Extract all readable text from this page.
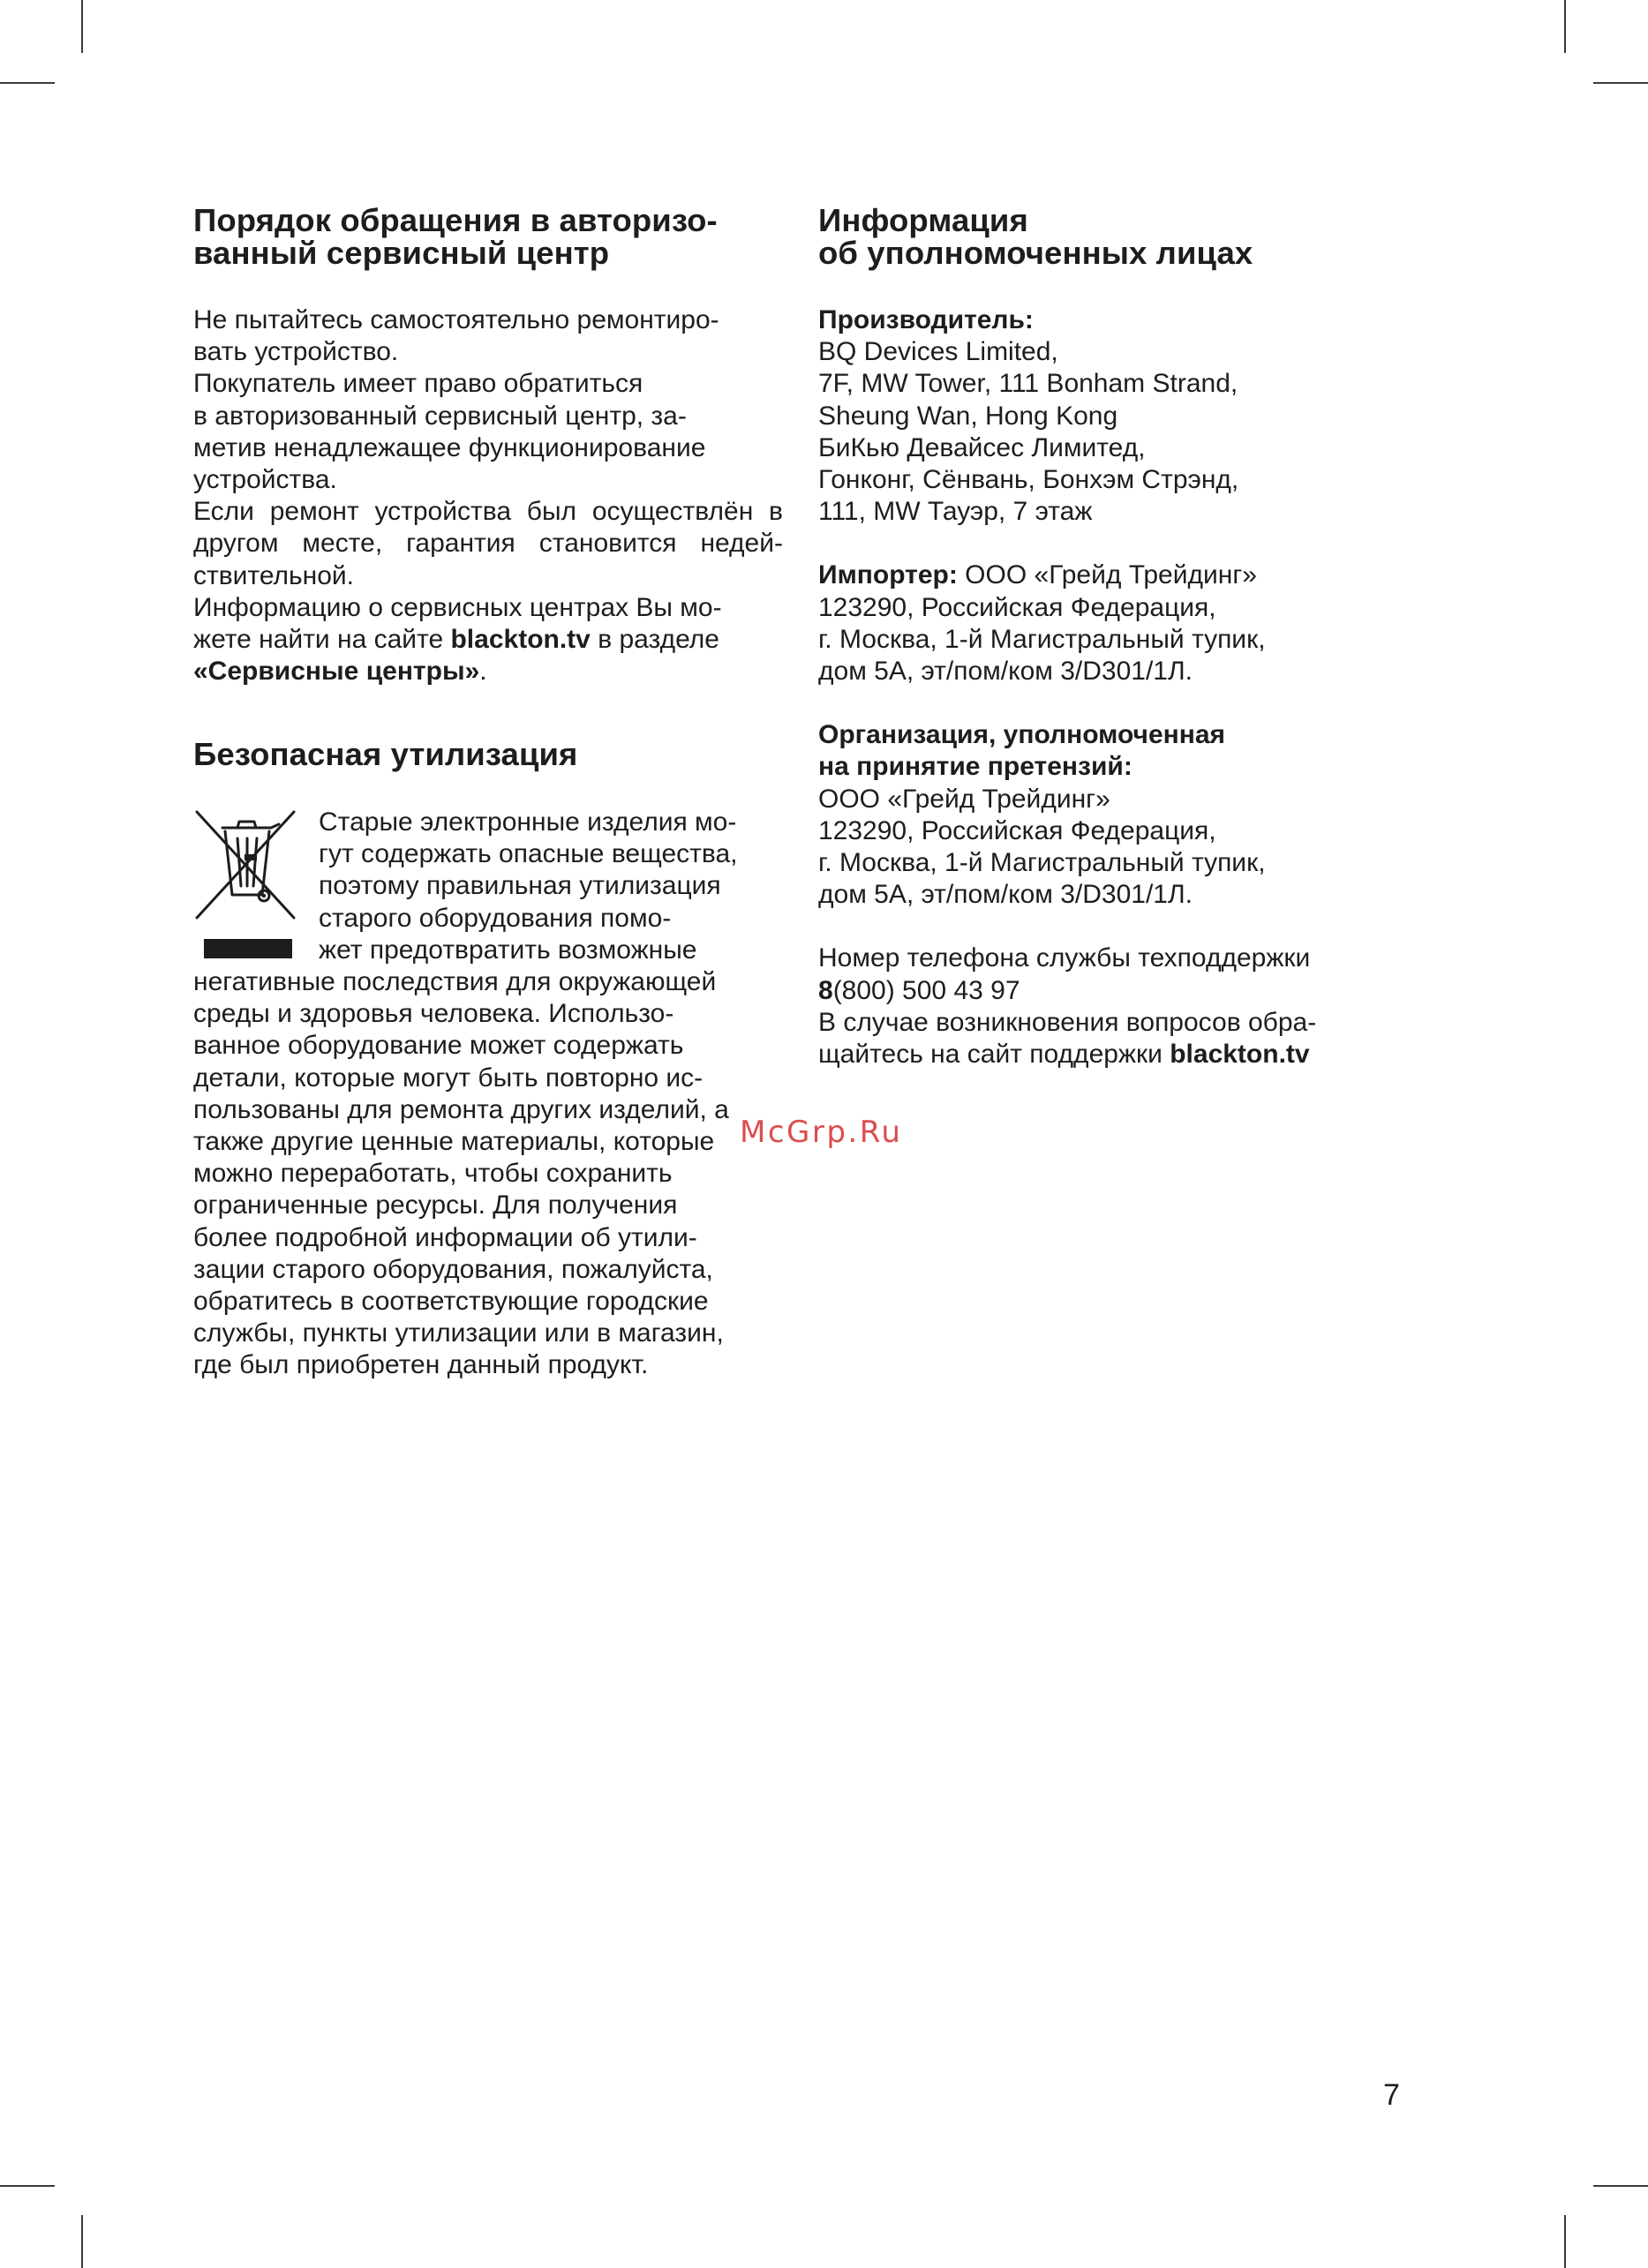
Порядок обращения в авторизо-
ванный сервисный центр
Не пытайтесь самостоятельно ремонтиро-
вать устройство.
Покупатель имеет право обратиться
в авторизованный сервисный центр, за-
метив ненадлежащее функционирование
устройства.
Если ремонт устройства был осуществлён в
другом месте, гарантия становится недей-
ствительной.
Информацию о сервисных центрах Вы мо-
жете найти на сайте blackton.tv в разделе
«Сервисные центры».
Безопасная утилизация
Старые электронные изделия мо-
гут содержать опасные вещества,
поэтому правильная утилизация
старого оборудования помо-
жет предотвратить возможные
негативные последствия для окружающей
среды и здоровья человека. Использо-
ванное оборудование может содержать
детали, которые могут быть повторно ис-
пользованы для ремонта других изделий, а
также другие ценные материалы, которые
можно переработать, чтобы сохранить
ограниченные ресурсы. Для получения
более подробной информации об утили-
зации старого оборудования, пожалуйста,
обратитесь в соответствующие городские
службы, пункты утилизации или в магазин,
где был приобретен данный продукт.
Информация
об уполномоченных лицах
Производитель:
BQ Devices Limited,
7F, MW Tower, 111 Bonham Strand,
Sheung Wan, Hong Kong
БиКью Девайсес Лимитед,
Гонконг, Сёнвань, Бонхэм Стрэнд,
111, MW Тауэр, 7 этаж
Импортер: ООО «Грейд Трейдинг»
123290, Российская Федерация,
г. Москва, 1-й Магистральный тупик,
дом 5А, эт/пом/ком 3/D301/1Л.
Организация, уполномоченная
на принятие претензий:
ООО «Грейд Трейдинг»
123290, Российская Федерация,
г. Москва, 1-й Магистральный тупик,
дом 5А, эт/пом/ком 3/D301/1Л.
Номер телефона службы техподдержки
8(800) 500 43 97
В случае возникновения вопросов обра-
щайтесь на сайт поддержки blackton.tv
McGrp.Ru
7
